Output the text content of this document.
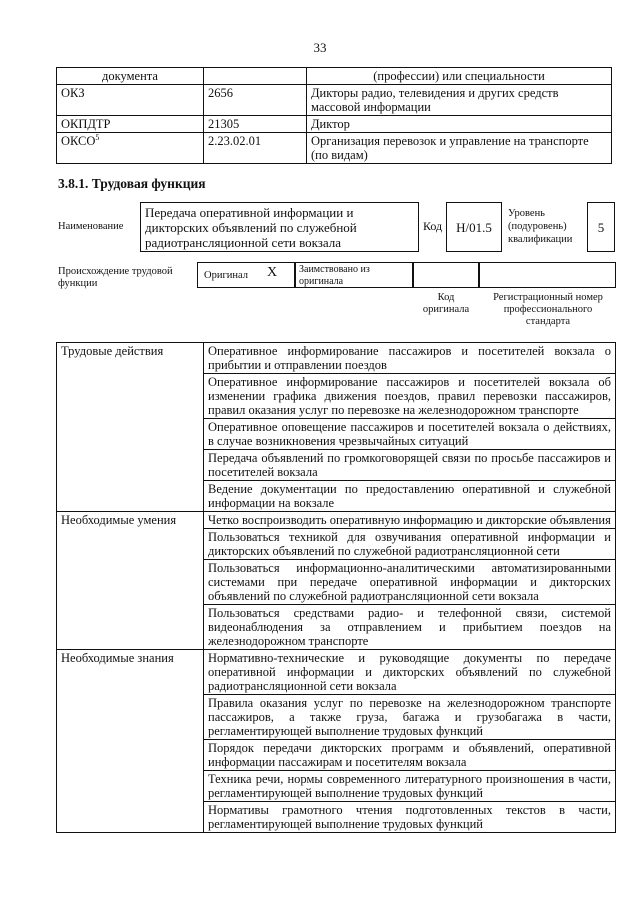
33
документа		(профессии) или специальности
ОКЗ	2656	Дикторы радио, телевидения и других средств массовой информации
ОКПДТР	21305	Диктор
ОКСО$^5$	2.23.02.01	Организация перевозок и управление на транспорте (по видам)
3.8.1. Трудовая функция
Наименование
Передача оперативной информации и дикторских объявлений по служебной радиотрансляционной сети вокзала
Код	Н/01.5
Уровень (подуровень) квалификации
5
Происхождение трудовой функции
Оригинал X Заимствовано из оригинала
Код оригинала
Регистрационный номер профессионального стандарта
Трудовые действия	Оперативное информирование пассажиров и посетителей вокзала о прибытии и отправлении поездов
	Оперативное информирование пассажиров и посетителей вокзала об изменении графика движения поездов, правил перевозки пассажиров, правил оказания услуг по перевозке на железнодорожном транспорте
	Оперативное оповещение пассажиров и посетителей вокзала о действиях, в случае возникновения чрезвычайных ситуаций
	Передача объявлений по громкоговорящей связи по просьбе пассажиров и посетителей вокзала
	Ведение документации по предоставлению оперативной и служебной информации на вокзале
Необходимые умения	Четко воспроизводить оперативную информацию и дикторские объявления
	Пользоваться техникой для озвучивания оперативной информации и дикторских объявлений по служебной радиотрансляционной сети
	Пользоваться информационно-аналитическими автоматизированными системами при передаче оперативной информации и дикторских объявлений по служебной радиотрансляционной сети вокзала
	Пользоваться средствами радио- и телефонной связи, системой видеонаблюдения за отправлением и прибытием поездов на железнодорожном транспорте
Необходимые знания	Нормативно-технические и руководящие документы по передаче оперативной информации и дикторских объявлений по служебной радиотрансляционной сети вокзала
	Правила оказания услуг по перевозке на железнодорожном транспорте пассажиров, а также груза, багажа и грузобагажа в части, регламентирующей выполнение трудовых функций
	Порядок передачи дикторских программ и объявлений, оперативной информации пассажирам и посетителям вокзала
	Техника речи, нормы современного литературного произношения в части, регламентирующей выполнение трудовых функций
	Нормативы грамотного чтения подготовленных текстов в части, регламентирующей выполнение трудовых функций
